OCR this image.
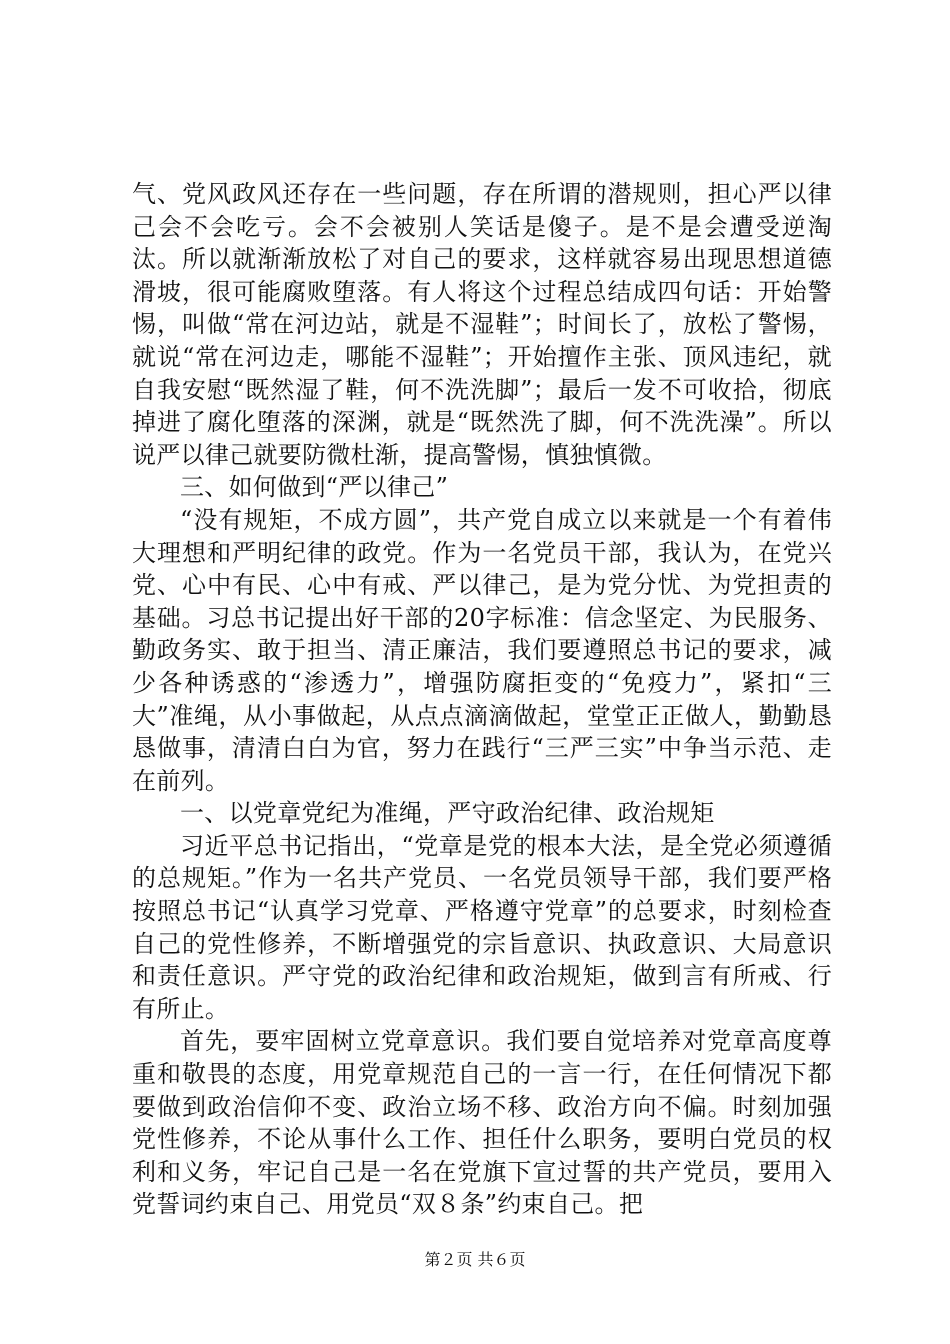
气、党风政风还存在一些问题，存在所谓的潜规则，担心严以律己会不会吃亏。会不会被别人笑话是傻子。是不是会遭受逆淘汰。所以就渐渐放松了对自己的要求，这样就容易出现思想道德滑坡，很可能腐败堕落。有人将这个过程总结成四句话：开始警惕，叫做“常在河边站，就是不湿鞋”；时间长了，放松了警惕，就说“常在河边走，哪能不湿鞋”；开始擅作主张、顶风违纪，就自我安慰“既然湿了鞋，何不洗洗脚”；最后一发不可收拾，彻底掉进了腐化堕落的深渊，就是“既然洗了脚，何不洗洗澡”。所以说严以律己就要防微杜渐，提高警惕，慎独慎微。

三、如何做到“严以律己”

“没有规矩，不成方圆”，共产党自成立以来就是一个有着伟大理想和严明纪律的政党。作为一名党员干部，我认为，在党兴党、心中有民、心中有戒、严以律己，是为党分忧、为党担责的基础。习总书记提出好干部的20字标准：信念坚定、为民服务、勤政务实、敢于担当、清正廉洁，我们要遵照总书记的要求，减少各种诱惑的“渗透力”，增强防腐拒变的“免疫力”，紧扣“三大”准绳，从小事做起，从点点滴滴做起，堂堂正正做人，勤勤恳恳做事，清清白白为官，努力在践行“三严三实”中争当示范、走在前列。

一、以党章党纪为准绳，严守政治纪律、政治规矩

习近平总书记指出，“党章是党的根本大法，是全党必须遵循的总规矩。”作为一名共产党员、一名党员领导干部，我们要严格按照总书记“认真学习党章、严格遵守党章”的总要求，时刻检查自己的党性修养，不断增强党的宗旨意识、执政意识、大局意识和责任意识。严守党的政治纪律和政治规矩，做到言有所戒、行有所止。

首先，要牢固树立党章意识。我们要自觉培养对党章高度尊重和敬畏的态度，用党章规范自己的一言一行，在任何情况下都要做到政治信仰不变、政治立场不移、政治方向不偏。时刻加强党性修养，不论从事什么工作、担任什么职务，要明白党员的权利和义务，牢记自己是一名在党旗下宣过誓的共产党员，要用入党誓词约束自己、用党员“双８条”约束自己。把

第２页 共６页
